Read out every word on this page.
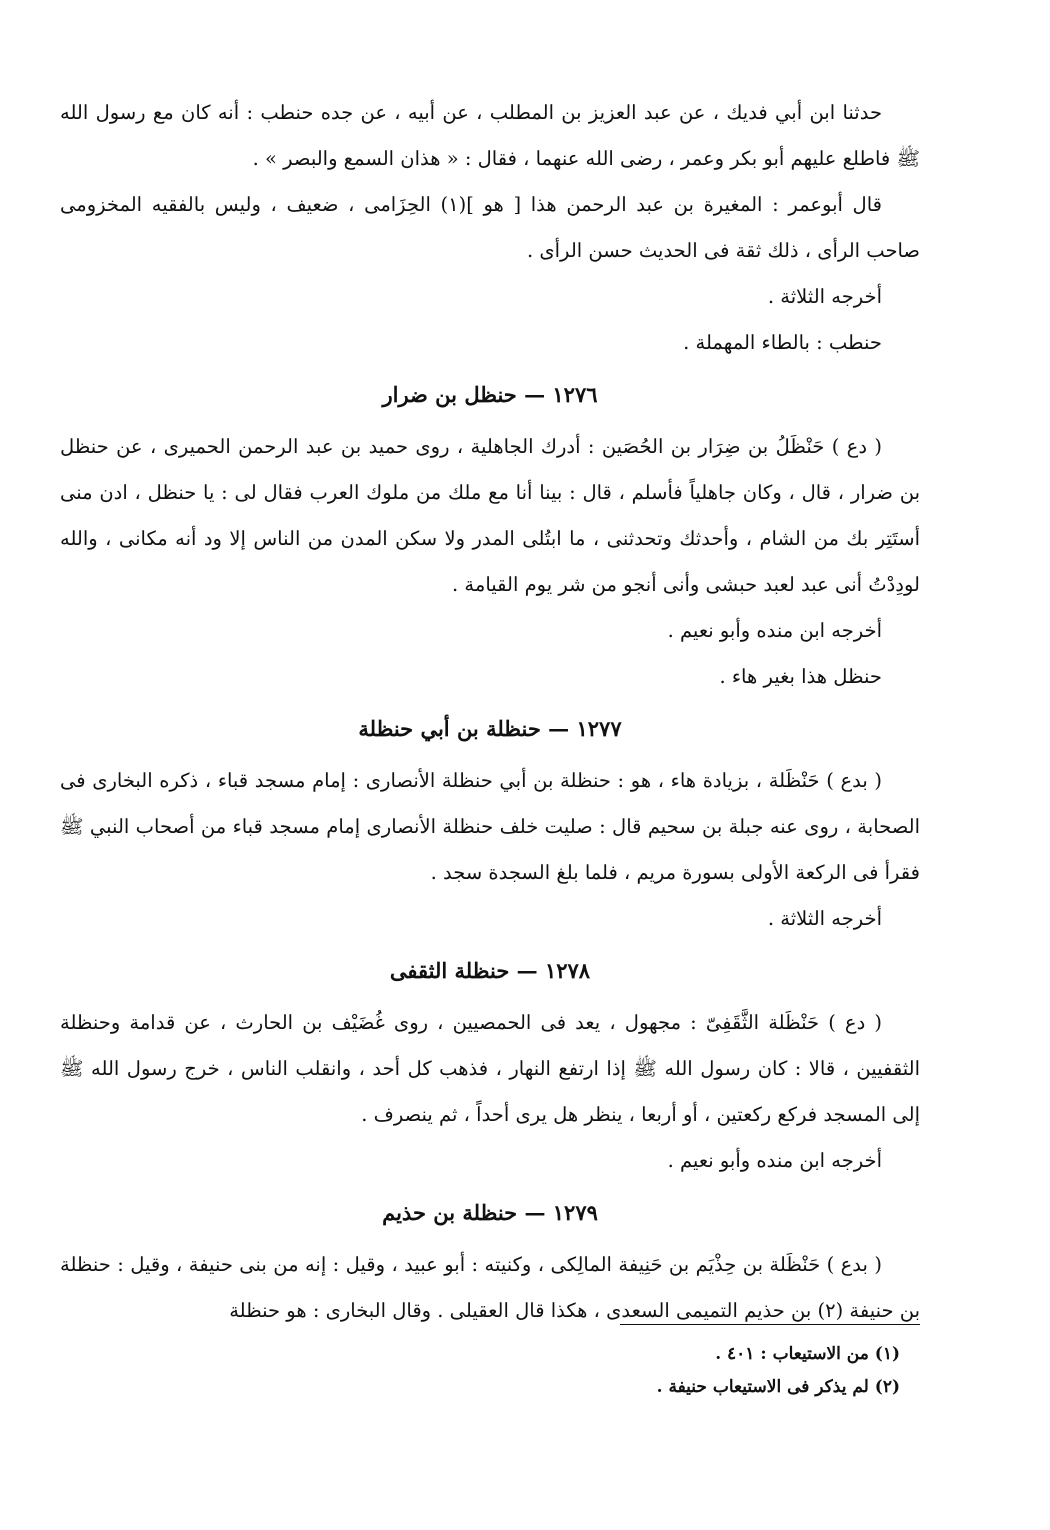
حدثنا ابن أبي فديك ، عن عبد العزيز بن المطلب ، عن أبيه ، عن جده حنطب : أنه كان مع رسول الله ﷺ فاطلع عليهم أبو بكر وعمر ، رضى الله عنهما ، فقال : « هذان السمع والبصر » .

قال أبوعمر : المغيرة بن عبد الرحمن هذا [ هو ](١) الحِزَامى ، ضعيف ، وليس بالفقيه المخزومى صاحب الرأى ، ذلك ثقة فى الحديث حسن الرأى .

أخرجه الثلاثة .

حنطب : بالطاء المهملة .

١٢٧٦ — حنظل بن ضرار

( دع ) حَنْظَلُ بن ضِرَار بن الحُصَين : أدرك الجاهلية ، روى حميد بن عبد الرحمن الحميرى ، عن حنظل بن ضرار ، قال ، وكان جاهلياً فأسلم ، قال : بينا أنا مع ملك من ملوك العرب فقال لى : يا حنظل ، ادن منى أستَتِر بك من الشام ، وأحدثك وتحدثنى ، ما ابتُلى المدر ولا سكن المدن من الناس إلا ود أنه مكانى ، والله لودِدْتُ أنى عبد لعبد حبشى وأنى أنجو من شر يوم القيامة .

أخرجه ابن منده وأبو نعيم .

حنظل هذا بغير هاء .

١٢٧٧ — حنظلة بن أبي حنظلة

( بدع ) حَنْظَلة ، بزيادة هاء ، هو : حنظلة بن أبي حنظلة الأنصارى : إمام مسجد قباء ، ذكره البخارى فى الصحابة ، روى عنه جبلة بن سحيم قال : صليت خلف حنظلة الأنصارى إمام مسجد قباء من أصحاب النبي ﷺ فقرأ فى الركعة الأولى بسورة مريم ، فلما بلغ السجدة سجد .

أخرجه الثلاثة .

١٢٧٨ — حنظلة الثقفى

( دع ) حَنْظَلة الثَّقَفِىّ : مجهول ، يعد فى الحمصيين ، روى غُضَيْف بن الحارث ، عن قدامة وحنظلة الثقفيين ، قالا : كان رسول الله ﷺ إذا ارتفع النهار ، فذهب كل أحد ، وانقلب الناس ، خرج رسول الله ﷺ إلى المسجد فركع ركعتين ، أو أربعا ، ينظر هل يرى أحداً ، ثم ينصرف .

أخرجه ابن منده وأبو نعيم .

١٢٧٩ — حنظلة بن حذيم

( بدع ) حَنْظَلة بن حِذْيَم بن حَنِيفة المالِكى ، وكنيته : أبو عبيد ، وقيل : إنه من بنى حنيفة ، وقيل : حنظلة بن حنيفة (٢) بن حذيم التميمى السعدى ، هكذا قال العقيلى . وقال البخارى : هو حنظلة

(١) من الاستيعاب : ٤٠١ .

(٢) لم يذكر فى الاستيعاب حنيفة .
